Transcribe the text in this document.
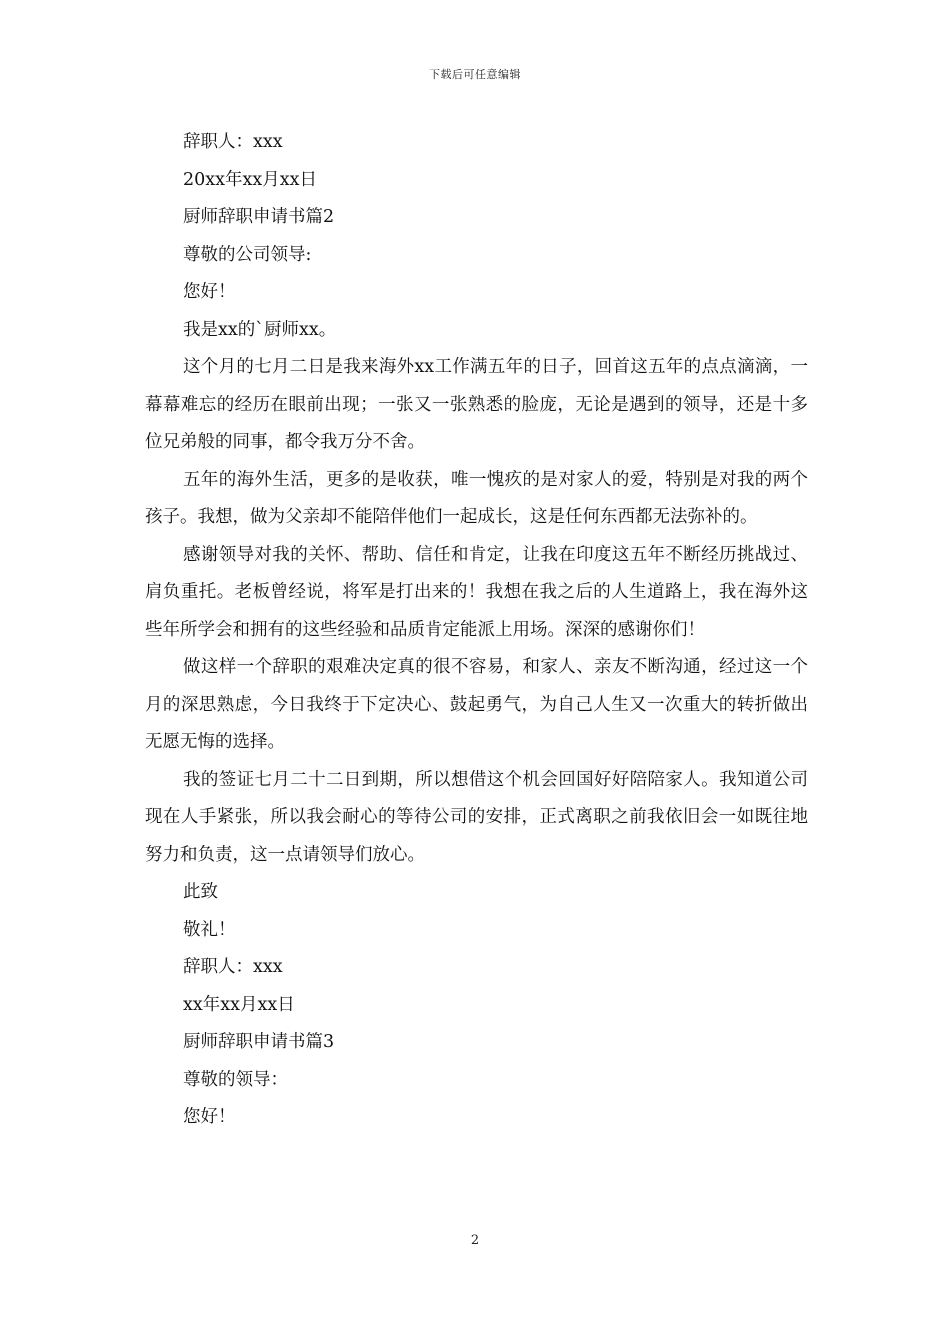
下载后可任意编辑
辞职人：xxx
20xx年xx月xx日
厨师辞职申请书篇2
尊敬的公司领导:
您好！
我是xx的`厨师xx。
这个月的七月二日是我来海外xx工作满五年的日子，回首这五年的点点滴滴，一幕幕难忘的经历在眼前出现；一张又一张熟悉的脸庞，无论是遇到的领导，还是十多位兄弟般的同事，都令我万分不舍。
五年的海外生活，更多的是收获，唯一愧疚的是对家人的爱，特别是对我的两个孩子。我想，做为父亲却不能陪伴他们一起成长，这是任何东西都无法弥补的。
感谢领导对我的关怀、帮助、信任和肯定，让我在印度这五年不断经历挑战过、肩负重托。老板曾经说，将军是打出来的！我想在我之后的人生道路上，我在海外这些年所学会和拥有的这些经验和品质肯定能派上用场。深深的感谢你们！
做这样一个辞职的艰难决定真的很不容易，和家人、亲友不断沟通，经过这一个月的深思熟虑，今日我终于下定决心、鼓起勇气，为自己人生又一次重大的转折做出无愿无悔的选择。
我的签证七月二十二日到期，所以想借这个机会回国好好陪陪家人。我知道公司现在人手紧张，所以我会耐心的等待公司的安排，正式离职之前我依旧会一如既往地努力和负责，这一点请领导们放心。
此致
敬礼！
辞职人：xxx
xx年xx月xx日
厨师辞职申请书篇3
尊敬的领导：
您好！
2
